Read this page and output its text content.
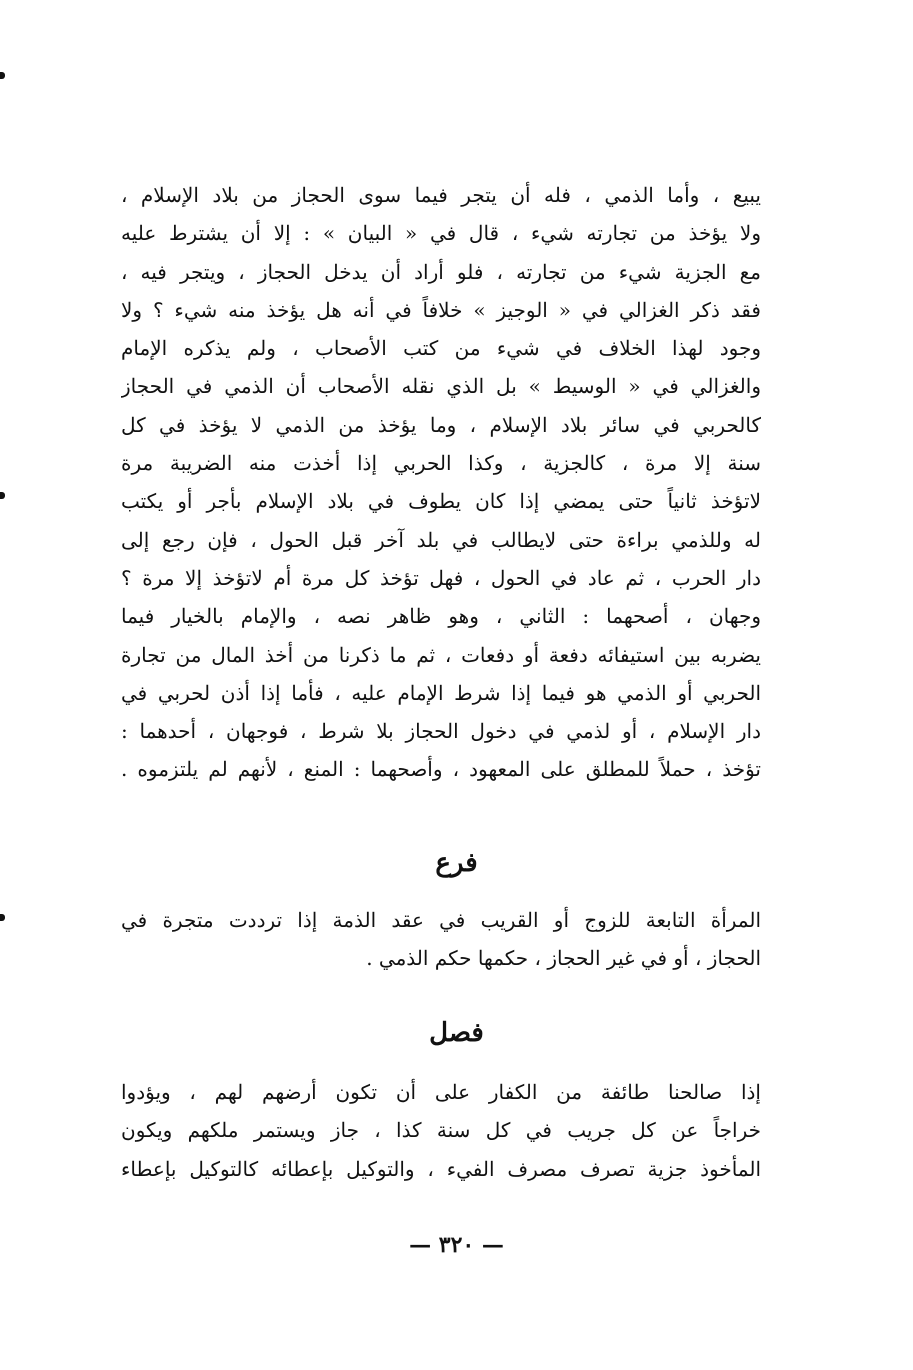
يبيع ، وأما الذمي ، فله أن يتجر فيما سوى الحجاز من بلاد الإسلام ،
ولا يؤخذ من تجارته شيء ، قال في « البيان » : إلا أن يشترط عليه
مع الجزية شيء من تجارته ، فلو أراد أن يدخل الحجاز ، ويتجر فيه ،
فقد ذكر الغزالي في « الوجيز » خلافاً في أنه هل يؤخذ منه شيء ؟ ولا
وجود لهذا الخلاف في شيء من كتب الأصحاب ، ولم يذكره الإمام
والغزالي في « الوسيط » بل الذي نقله الأصحاب أن الذمي في الحجاز
كالحربي في سائر بلاد الإسلام ، وما يؤخذ من الذمي لا يؤخذ في كل
سنة إلا مرة ، كالجزية ، وكذا الحربي إذا أخذت منه الضريبة مرة
لاتؤخذ ثانياً حتى يمضي إذا كان يطوف في بلاد الإسلام بأجر أو يكتب
له وللذمي براءة حتى لايطالب في بلد آخر قبل الحول ، فإن رجع إلى
دار الحرب ، ثم عاد في الحول ، فهل تؤخذ كل مرة أم لاتؤخذ إلا مرة ؟
وجهان ، أصحهما : الثاني ، وهو ظاهر نصه ، والإمام بالخيار فيما
يضربه بين استيفائه دفعة أو دفعات ، ثم ما ذكرنا من أخذ المال من تجارة
الحربي أو الذمي هو فيما إذا شرط الإمام عليه ، فأما إذا أذن لحربي في
دار الإسلام ، أو لذمي في دخول الحجاز بلا شرط ، فوجهان ، أحدهما :
تؤخذ ، حملاً للمطلق على المعهود ، وأصحهما : المنع ، لأنهم لم يلتزموه .
فرع
المرأة التابعة للزوج أو القريب في عقد الذمة إذا ترددت متجرة في
الحجاز ، أو في غير الحجاز ، حكمها حكم الذمي .
فصل
إذا صالحنا طائفة من الكفار على أن تكون أرضهم لهم ، ويؤدوا
خراجاً عن كل جريب في كل سنة كذا ، جاز ويستمر ملكهم ويكون
المأخوذ جزية تصرف مصرف الفيء ، والتوكيل بإعطائه كالتوكيل بإعطاء
— ٣٢٠ —
